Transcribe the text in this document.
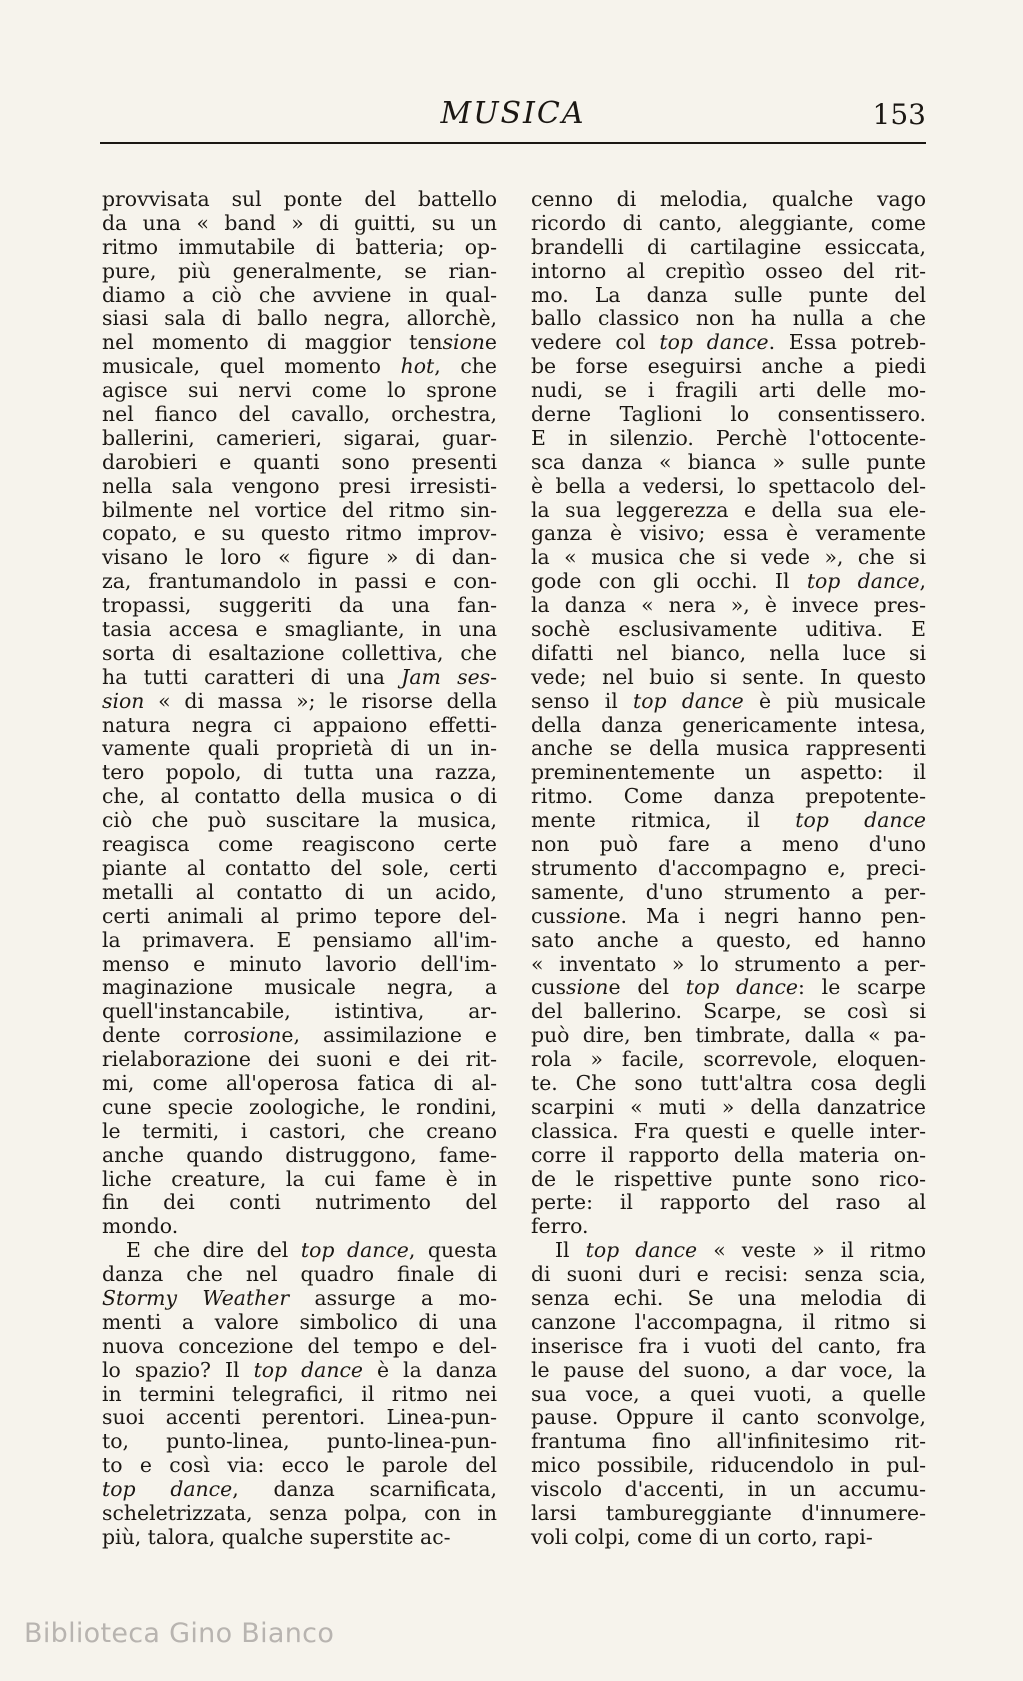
MUSICA	153
provvisata sul ponte del battello
da una « band » di guitti, su un
ritmo immutabile di batteria; op-
pure, più generalmente, se rian-
diamo a ciò che avviene in qual-
siasi sala di ballo negra, allorchè,
nel momento di maggior tensione
musicale, quel momento hot, che
agisce sui nervi come lo sprone
nel fianco del cavallo, orchestra,
ballerini, camerieri, sigarai, guar-
darobieri e quanti sono presenti
nella sala vengono presi irresisti-
bilmente nel vortice del ritmo sin-
copato, e su questo ritmo improv-
visano le loro « figure » di dan-
za, frantumandolo in passi e con-
tropassi, suggeriti da una fan-
tasia accesa e smagliante, in una
sorta di esaltazione collettiva, che
ha tutti caratteri di una Jam ses-
sion « di massa »; le risorse della
natura negra ci appaiono effetti-
vamente quali proprietà di un in-
tero popolo, di tutta una razza,
che, al contatto della musica o di
ciò che può suscitare la musica,
reagisca come reagiscono certe
piante al contatto del sole, certi
metalli al contatto di un acido,
certi animali al primo tepore del-
la primavera. E pensiamo all'im-
menso e minuto lavorio dell'im-
maginazione musicale negra, a
quell'instancabile, istintiva, ar-
dente corrosione, assimilazione e
rielaborazione dei suoni e dei rit-
mi, come all'operosa fatica di al-
cune specie zoologiche, le rondini,
le termiti, i castori, che creano
anche quando distruggono, fame-
liche creature, la cui fame è in
fin dei conti nutrimento del
mondo.
E che dire del top dance, questa
danza che nel quadro finale di
Stormy Weather assurge a mo-
menti a valore simbolico di una
nuova concezione del tempo e del-
lo spazio? Il top dance è la danza
in termini telegrafici, il ritmo nei
suoi accenti perentori. Linea-pun-
to, punto-linea, punto-linea-pun-
to e così via: ecco le parole del
top dance, danza scarnificata,
scheletrizzata, senza polpa, con in
più, talora, qualche superstite ac-
cenno di melodia, qualche vago
ricordo di canto, aleggiante, come
brandelli di cartilagine essiccata,
intorno al crepitìo osseo del rit-
mo. La danza sulle punte del
ballo classico non ha nulla a che
vedere col top dance. Essa potreb-
be forse eseguirsi anche a piedi
nudi, se i fragili arti delle mo-
derne Taglioni lo consentissero.
E in silenzio. Perchè l'ottocente-
sca danza « bianca » sulle punte
è bella a vedersi, lo spettacolo del-
la sua leggerezza e della sua ele-
ganza è visivo; essa è veramente
la « musica che si vede », che si
gode con gli occhi. Il top dance,
la danza « nera », è invece pres-
sochè esclusivamente uditiva. E
difatti nel bianco, nella luce si
vede; nel buio si sente. In questo
senso il top dance è più musicale
della danza genericamente intesa,
anche se della musica rappresenti
preminentemente un aspetto: il
ritmo. Come danza prepotente-
mente ritmica, il top dance
non può fare a meno d'uno
strumento d'accompagno e, preci-
samente, d'uno strumento a per-
cussione. Ma i negri hanno pen-
sato anche a questo, ed hanno
« inventato » lo strumento a per-
cussione del top dance: le scarpe
del ballerino. Scarpe, se così si
può dire, ben timbrate, dalla « pa-
rola » facile, scorrevole, eloquen-
te. Che sono tutt'altra cosa degli
scarpini « muti » della danzatrice
classica. Fra questi e quelle inter-
corre il rapporto della materia on-
de le rispettive punte sono rico-
perte: il rapporto del raso al
ferro.
Il top dance « veste » il ritmo
di suoni duri e recisi: senza scia,
senza echi. Se una melodia di
canzone l'accompagna, il ritmo si
inserisce fra i vuoti del canto, fra
le pause del suono, a dar voce, la
sua voce, a quei vuoti, a quelle
pause. Oppure il canto sconvolge,
frantuma fino all'infinitesimo rit-
mico possibile, riducendolo in pul-
viscolo d'accenti, in un accumu-
larsi tambureggiante d'innumere-
voli colpi, come di un corto, rapi-
Biblioteca Gino Bianco
